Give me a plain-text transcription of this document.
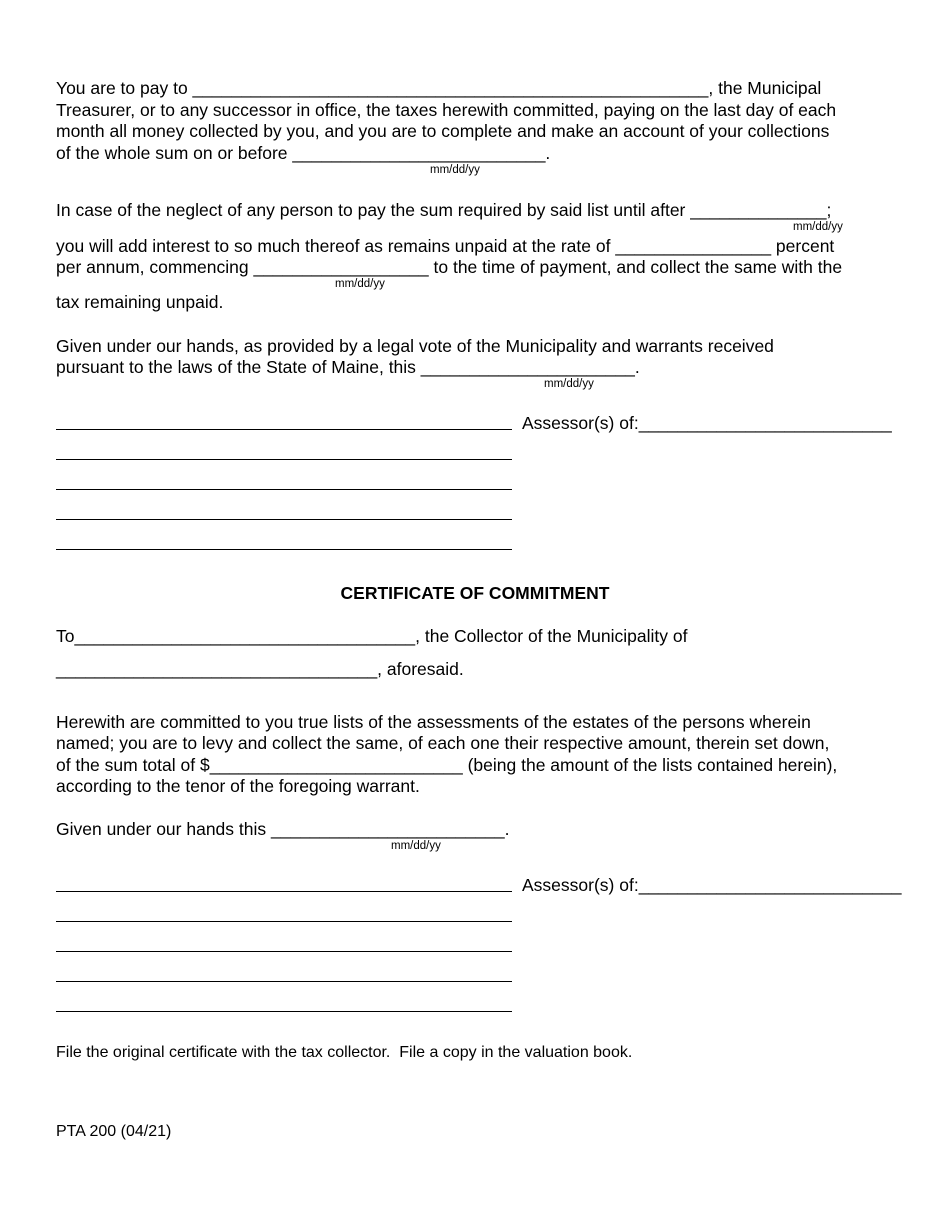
You are to pay to _____________________________________________________, the Municipal
Treasurer, or to any successor in office, the taxes herewith committed, paying on the last day of each
month all money collected by you, and you are to complete and make an account of your collections
of the whole sum on or before __________________________.
mm/dd/yy
In case of the neglect of any person to pay the sum required by said list until after ______________;
mm/dd/yy
you will add interest to so much thereof as remains unpaid at the rate of ________________ percent
per annum, commencing __________________ to the time of payment, and collect the same with the
mm/dd/yy
tax remaining unpaid.
Given under our hands, as provided by a legal vote of the Municipality and warrants received
pursuant to the laws of the State of Maine, this ______________________.
mm/dd/yy
Assessor(s) of:__________________________
CERTIFICATE OF COMMITMENT
To___________________________________, the Collector of the Municipality of
_________________________________, aforesaid.
Herewith are committed to you true lists of the assessments of the estates of the persons wherein
named; you are to levy and collect the same, of each one their respective amount, therein set down,
of the sum total of $__________________________ (being the amount of the lists contained herein),
according to the tenor of the foregoing warrant.
Given under our hands this ________________________.
mm/dd/yy
Assessor(s) of:___________________________
File the original certificate with the tax collector.  File a copy in the valuation book.
PTA 200 (04/21)
